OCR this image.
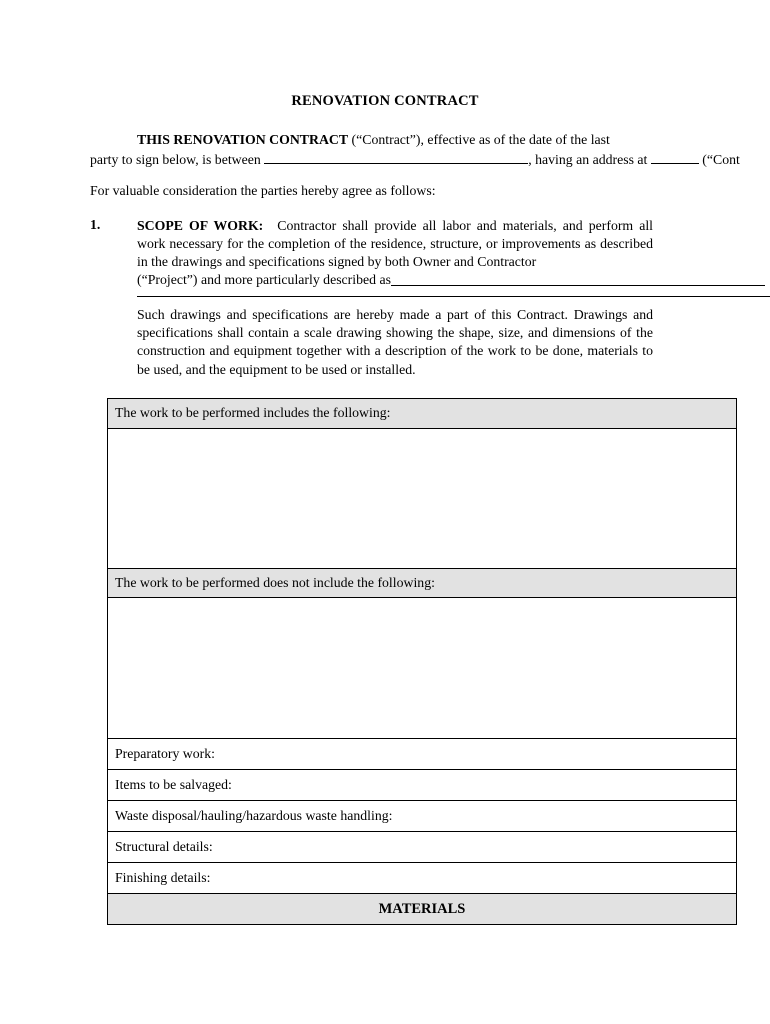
RENOVATION CONTRACT

THIS RENOVATION CONTRACT (“Contract”), effective as of the date of the last
party to sign below, is between	, having an address at	(“Cont

For valuable consideration the parties hereby agree as follows:

1.	SCOPE OF WORK: Contractor shall provide all labor and materials, and perform all work necessary for the completion of the residence, structure, or improvements as described in the drawings and specifications signed by both Owner and Contractor

(“Project”) and more particularly described as

Such drawings and specifications are hereby made a part of this Contract. Drawings and specifications shall contain a scale drawing showing the shape, size, and dimensions of the construction and equipment together with a description of the work to be done, materials to be used, and the equipment to be used or installed.

The work to be performed includes the following:
The work to be performed does not include the following:
Preparatory work:
Items to be salvaged:
Waste disposal/hauling/hazardous waste handling:
Structural details:
Finishing details:
MATERIALS
